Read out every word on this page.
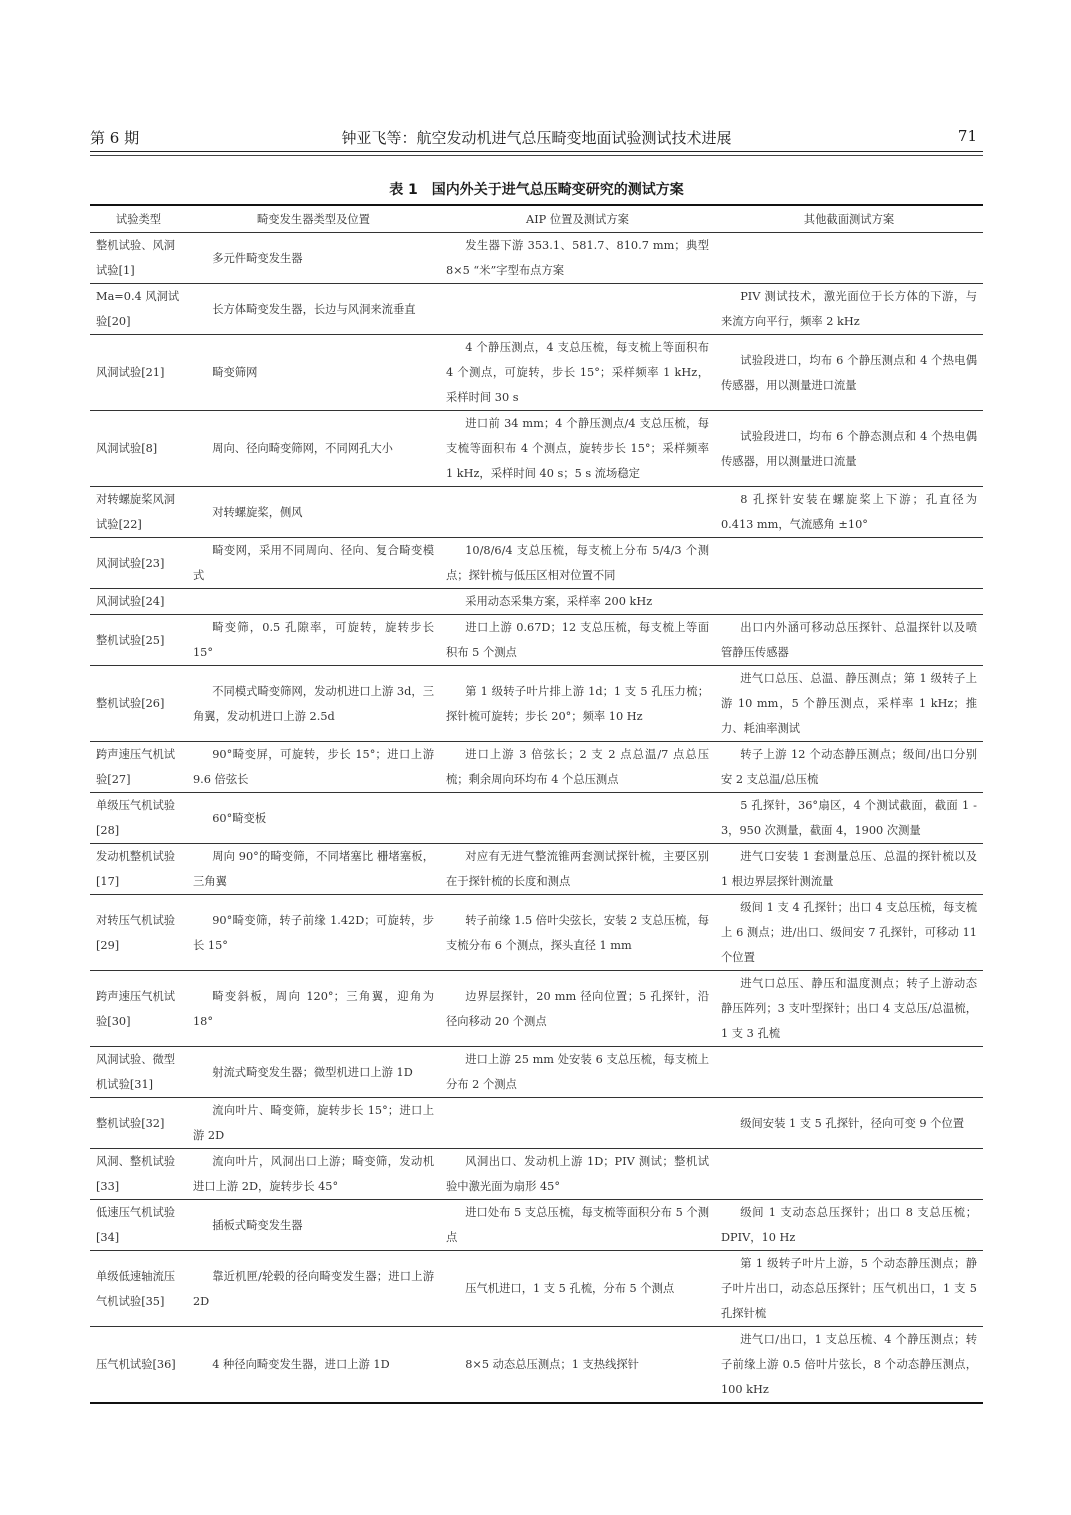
第 6 期	钟亚飞等：航空发动机进气总压畸变地面试验测试技术进展	71
表 1　国内外关于进气总压畸变研究的测试方案
试验类型	畸变发生器类型及位置	AIP 位置及测试方案	其他截面测试方案
整机试验、风洞试验[1]	多元件畸变发生器	发生器下游 353.1、581.7、810.7 mm；典型 8×5 “米”字型布点方案	
Ma=0.4 风洞试验[20]	长方体畸变发生器，长边与风洞来流垂直		PIV 测试技术，激光面位于长方体的下游，与来流方向平行，频率 2 kHz
风洞试验[21]	畸变筛网	4 个静压测点，4 支总压梳，每支梳上等面积布 4 个测点，可旋转，步长 15°；采样频率 1 kHz，采样时间 30 s	试验段进口，均布 6 个静压测点和 4 个热电偶传感器，用以测量进口流量
风洞试验[8]	周向、径向畸变筛网，不同网孔大小	进口前 34 mm；4 个静压测点/4 支总压梳，每支梳等面积布 4 个测点，旋转步长 15°；采样频率 1 kHz，采样时间 40 s；5 s 流场稳定	试验段进口，均布 6 个静态测点和 4 个热电偶传感器，用以测量进口流量
对转螺旋桨风洞试验[22]	对转螺旋桨，侧风		8 孔探针安装在螺旋桨上下游；孔直径为 0.413 mm，气流感角 ±10°
风洞试验[23]	畸变网，采用不同周向、径向、复合畸变模式	10/8/6/4 支总压梳，每支梳上分布 5/4/3 个测点；探针梳与低压区相对位置不同	
风洞试验[24]		采用动态采集方案，采样率 200 kHz	
整机试验[25]	畸变筛，0.5 孔隙率，可旋转，旋转步长 15°	进口上游 0.67D；12 支总压梳，每支梳上等面积布 5 个测点	出口内外涵可移动总压探针、总温探针以及喷管静压传感器
整机试验[26]	不同模式畸变筛网，发动机进口上游 3d，三角翼，发动机进口上游 2.5d	第 1 级转子叶片排上游 1d；1 支 5 孔压力梳；探针梳可旋转；步长 20°；频率 10 Hz	进气口总压、总温、静压测点；第 1 级转子上游 10 mm，5 个静压测点，采样率 1 kHz；推力、耗油率测试
跨声速压气机试验[27]	90°畸变屏，可旋转，步长 15°；进口上游 9.6 倍弦长	进口上游 3 倍弦长；2 支 2 点总温/7 点总压梳；剩余周向环均布 4 个总压测点	转子上游 12 个动态静压测点；级间/出口分别安 2 支总温/总压梳
单级压气机试验[28]	60°畸变板		5 孔探针，36°扇区，4 个测试截面，截面 1 - 3，950 次测量，截面 4，1900 次测量
发动机整机试验[17]	周向 90°的畸变筛，不同堵塞比 栅堵塞板，三角翼	对应有无进气整流锥两套测试探针梳，主要区别在于探针梳的长度和测点	进气口安装 1 套测量总压、总温的探针梳以及 1 根边界层探针测流量
对转压气机试验[29]	90°畸变筛，转子前缘 1.42D；可旋转，步长 15°	转子前缘 1.5 倍叶尖弦长，安装 2 支总压梳，每支梳分布 6 个测点，探头直径 1 mm	级间 1 支 4 孔探针；出口 4 支总压梳，每支梳上 6 测点；进/出口、级间安 7 孔探针，可移动 11 个位置
跨声速压气机试验[30]	畸变斜板，周向 120°；三角翼，迎角为 18°	边界层探针，20 mm 径向位置；5 孔探针，沿径向移动 20 个测点	进气口总压、静压和温度测点；转子上游动态静压阵列；3 支叶型探针；出口 4 支总压/总温梳，1 支 3 孔梳
风洞试验、微型机试验[31]	射流式畸变发生器；微型机进口上游 1D	进口上游 25 mm 处安装 6 支总压梳，每支梳上分布 2 个测点	
整机试验[32]	流向叶片、畸变筛，旋转步长 15°；进口上游 2D		级间安装 1 支 5 孔探针，径向可变 9 个位置
风洞、整机试验[33]	流向叶片，风洞出口上游；畸变筛，发动机进口上游 2D，旋转步长 45°	风洞出口、发动机上游 1D；PIV 测试；整机试验中激光面为扇形 45°	
低速压气机试验[34]	插板式畸变发生器	进口处布 5 支总压梳，每支梳等面积分布 5 个测点	级间 1 支动态总压探针；出口 8 支总压梳；DPIV，10 Hz
单级低速轴流压气机试验[35]	靠近机匣/轮毂的径向畸变发生器；进口上游 2D	压气机进口，1 支 5 孔梳，分布 5 个测点	第 1 级转子叶片上游，5 个动态静压测点；静子叶片出口，动态总压探针；压气机出口，1 支 5 孔探针梳
压气机试验[36]	4 种径向畸变发生器，进口上游 1D	8×5 动态总压测点；1 支热线探针	进气口/出口，1 支总压梳、4 个静压测点；转子前缘上游 0.5 倍叶片弦长，8 个动态静压测点，100 kHz
